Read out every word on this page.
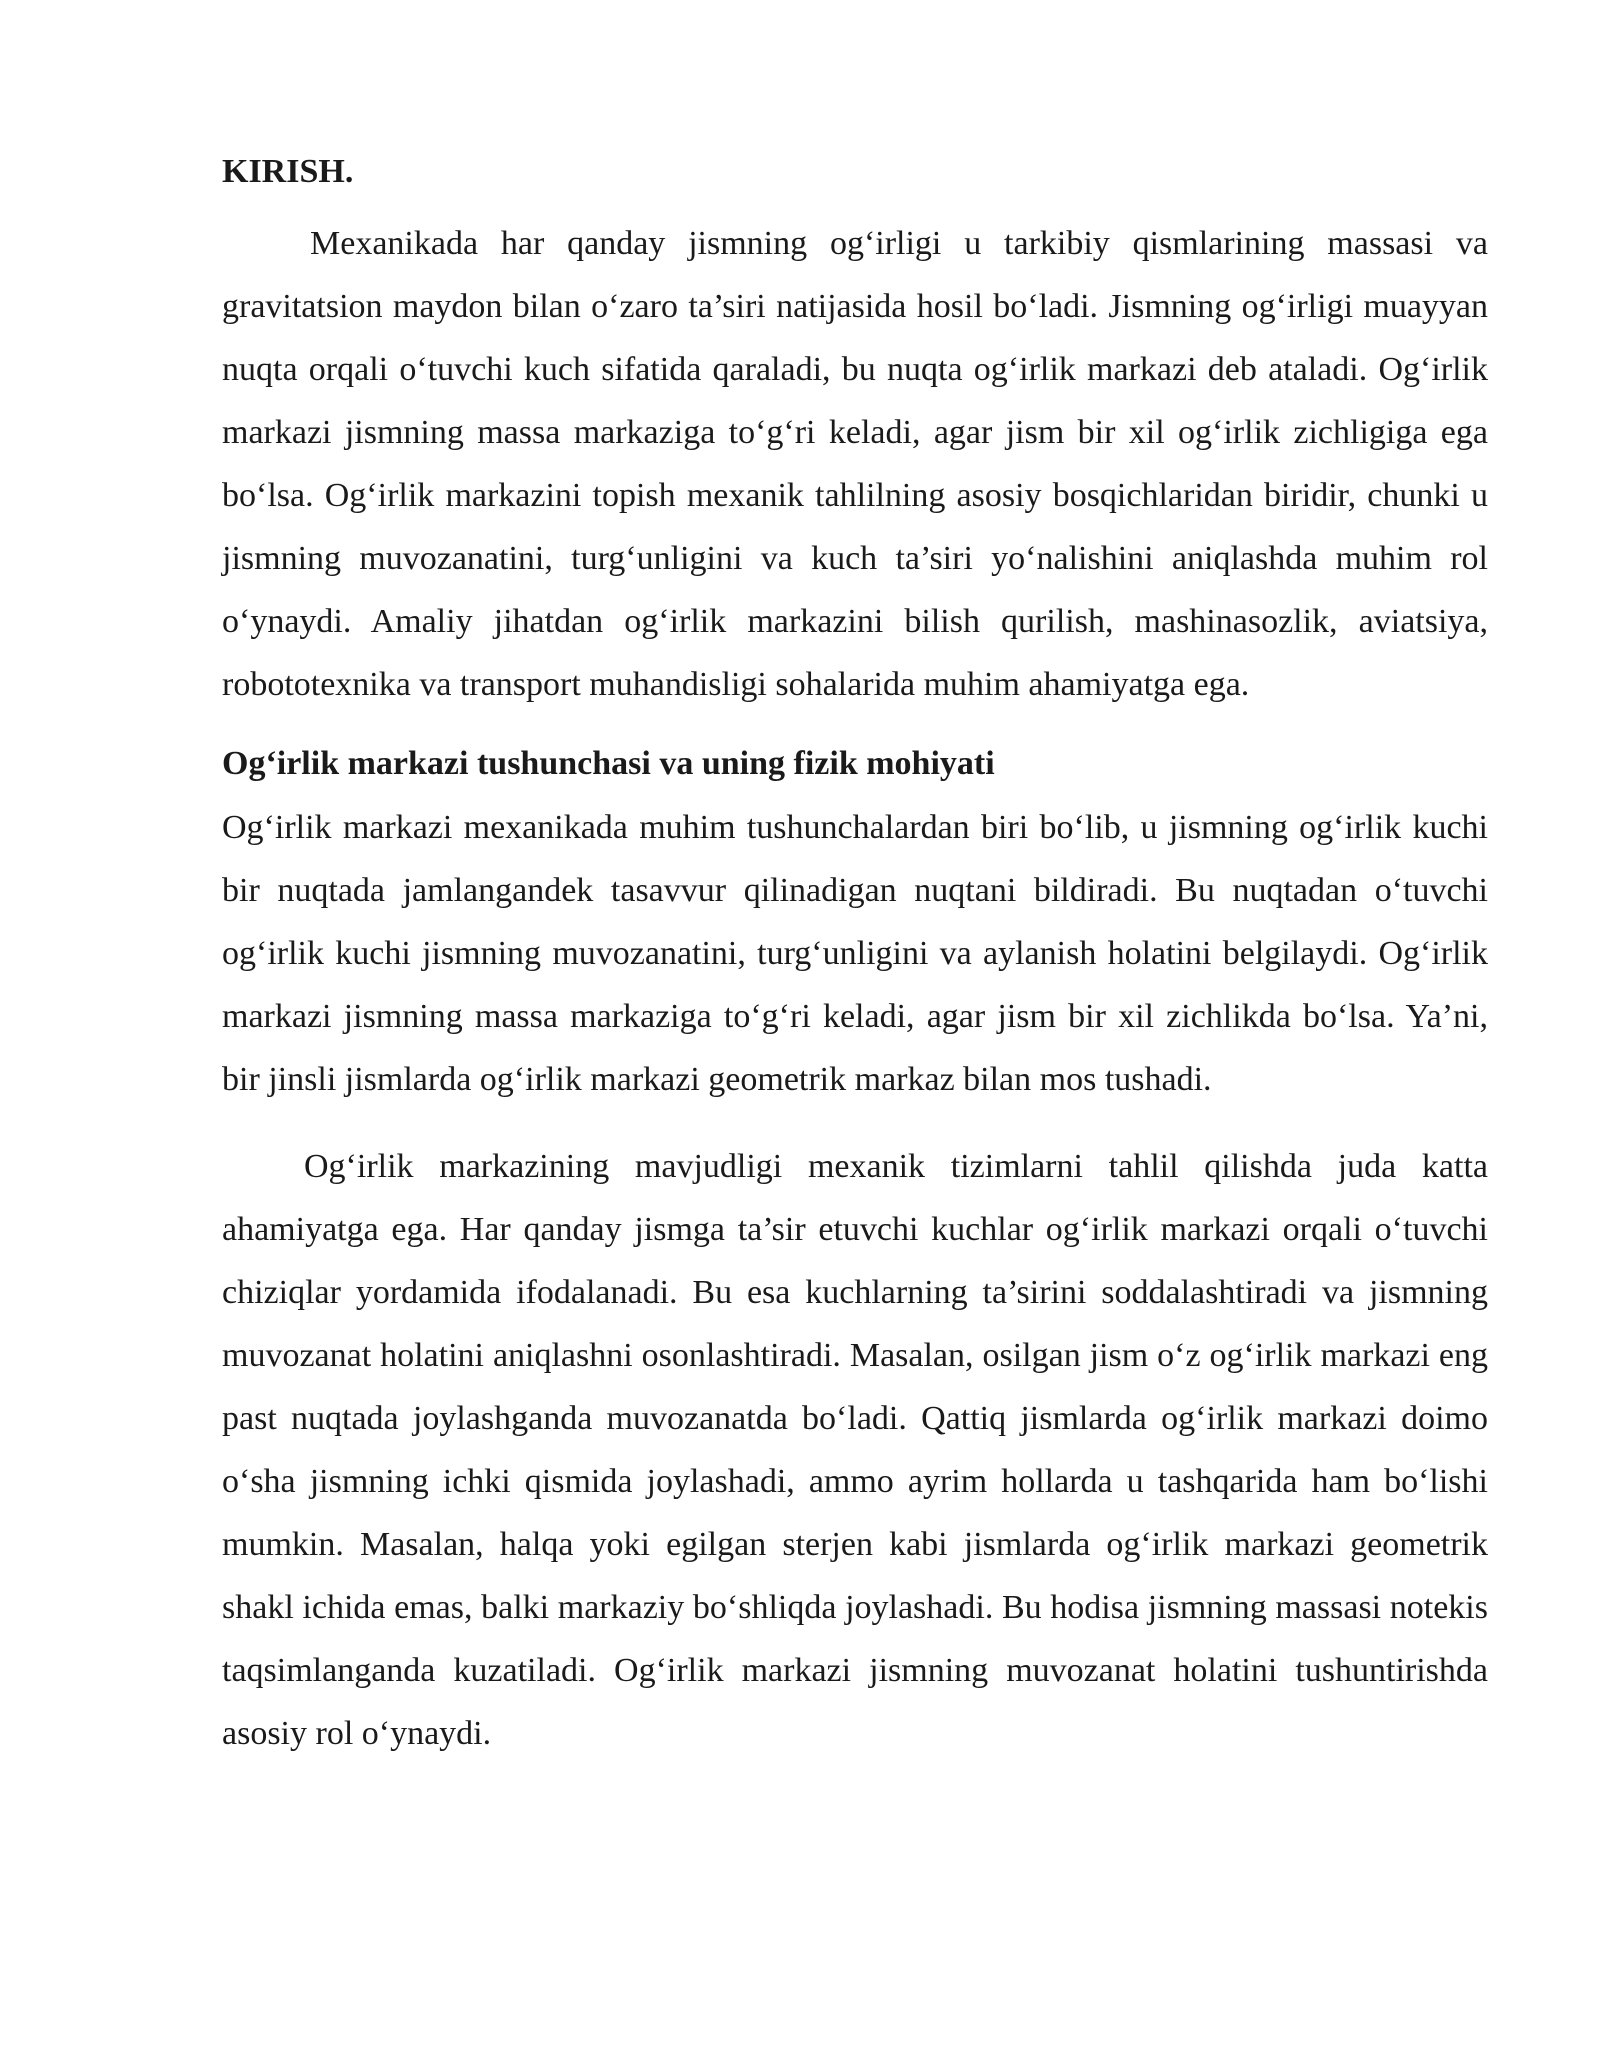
KIRISH.

Mexanikada har qanday jismning og‘irligi u tarkibiy qismlarining massasi va gravitatsion maydon bilan o‘zaro ta’siri natijasida hosil bo‘ladi. Jismning og‘irligi muayyan nuqta orqali o‘tuvchi kuch sifatida qaraladi, bu nuqta og‘irlik markazi deb ataladi. Og‘irlik markazi jismning massa markaziga to‘g‘ri keladi, agar jism bir xil og‘irlik zichligiga ega bo‘lsa. Og‘irlik markazini topish mexanik tahlilning asosiy bosqichlaridan biridir, chunki u jismning muvozanatini, turg‘unligini va kuch ta’siri yo‘nalishini aniqlashda muhim rol o‘ynaydi. Amaliy jihatdan og‘irlik markazini bilish qurilish, mashinasozlik, aviatsiya, robototexnika va transport muhandisligi sohalarida muhim ahamiyatga ega.

Og‘irlik markazi tushunchasi va uning fizik mohiyati

Og‘irlik markazi mexanikada muhim tushunchalardan biri bo‘lib, u jismning og‘irlik kuchi bir nuqtada jamlangandek tasavvur qilinadigan nuqtani bildiradi. Bu nuqtadan o‘tuvchi og‘irlik kuchi jismning muvozanatini, turg‘unligini va aylanish holatini belgilaydi. Og‘irlik markazi jismning massa markaziga to‘g‘ri keladi, agar jism bir xil zichlikda bo‘lsa. Ya’ni, bir jinsli jismlarda og‘irlik markazi geometrik markaz bilan mos tushadi.

Og‘irlik markazining mavjudligi mexanik tizimlarni tahlil qilishda juda katta ahamiyatga ega. Har qanday jismga ta’sir etuvchi kuchlar og‘irlik markazi orqali o‘tuvchi chiziqlar yordamida ifodalanadi. Bu esa kuchlarning ta’sirini soddalashtiradi va jismning muvozanat holatini aniqlashni osonlashtiradi. Masalan, osilgan jism o‘z og‘irlik markazi eng past nuqtada joylashganda muvozanatda bo‘ladi. Qattiq jismlarda og‘irlik markazi doimo o‘sha jismning ichki qismida joylashadi, ammo ayrim hollarda u tashqarida ham bo‘lishi mumkin. Masalan, halqa yoki egilgan sterjen kabi jismlarda og‘irlik markazi geometrik shakl ichida emas, balki markaziy bo‘shliqda joylashadi. Bu hodisa jismning massasi notekis taqsimlanganda kuzatiladi. Og‘irlik markazi jismning muvozanat holatini tushuntirishda asosiy rol o‘ynaydi.
